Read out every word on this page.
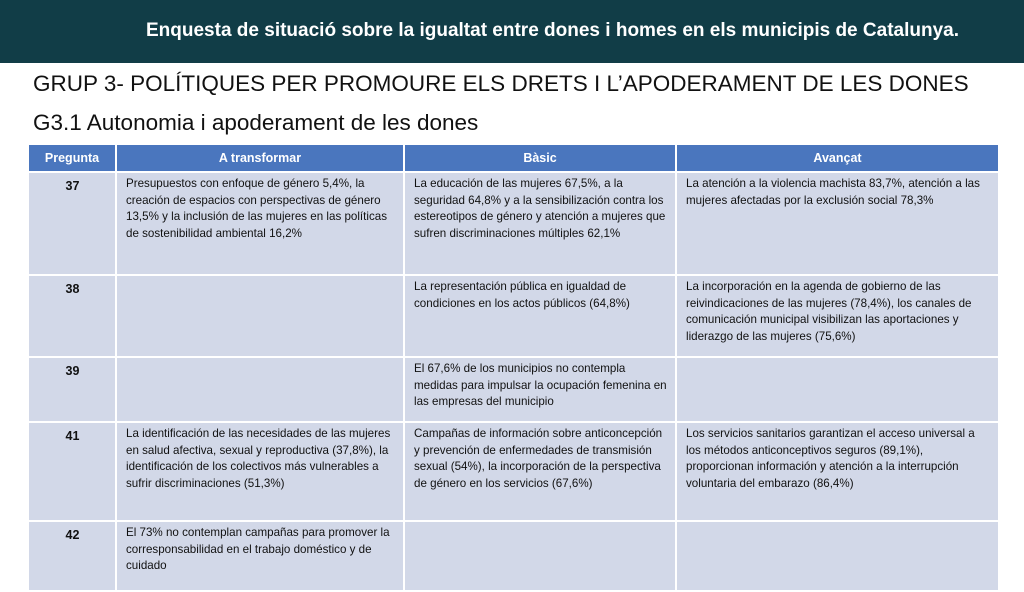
Enquesta de situació sobre la igualtat entre dones i homes en els municipis de Catalunya.
GRUP 3- POLÍTIQUES PER PROMOURE ELS DRETS I L’APODERAMENT DE LES DONES
G3.1 Autonomia i apoderament de les dones
Pregunta	A transformar	Bàsic	Avançat
37	Presupuestos con enfoque de género 5,4%, la creación de espacios con perspectivas de género 13,5% y la inclusión de las mujeres en las políticas de sostenibilidad ambiental 16,2%	La educación de las mujeres 67,5%, a la seguridad 64,8% y a la sensibilización contra los estereotipos de género y atención a mujeres que sufren discriminaciones múltiples 62,1%	La atención a la violencia machista 83,7%, atención a las mujeres afectadas por la exclusión social 78,3%
38		La representación pública en igualdad de condiciones en los actos públicos (64,8%)	La incorporación en la agenda de gobierno de las reivindicaciones de las mujeres (78,4%), los canales de comunicación municipal visibilizan las aportaciones y liderazgo de las mujeres (75,6%)
39		El 67,6% de los municipios no contempla medidas para impulsar la ocupación femenina en las empresas del municipio	
41	La identificación de las necesidades de las mujeres en salud afectiva, sexual y reproductiva (37,8%), la identificación de los colectivos más vulnerables a sufrir discriminaciones (51,3%)	Campañas de información sobre anticoncepción y prevención de enfermedades de transmisión sexual (54%), la incorporación de la perspectiva de género en los servicios (67,6%)	Los servicios sanitarios garantizan el acceso universal a los métodos anticonceptivos seguros (89,1%), proporcionan información y atención a la interrupción voluntaria del embarazo (86,4%)
42	El 73% no contemplan campañas para promover la corresponsabilidad en el trabajo doméstico y de cuidado		
